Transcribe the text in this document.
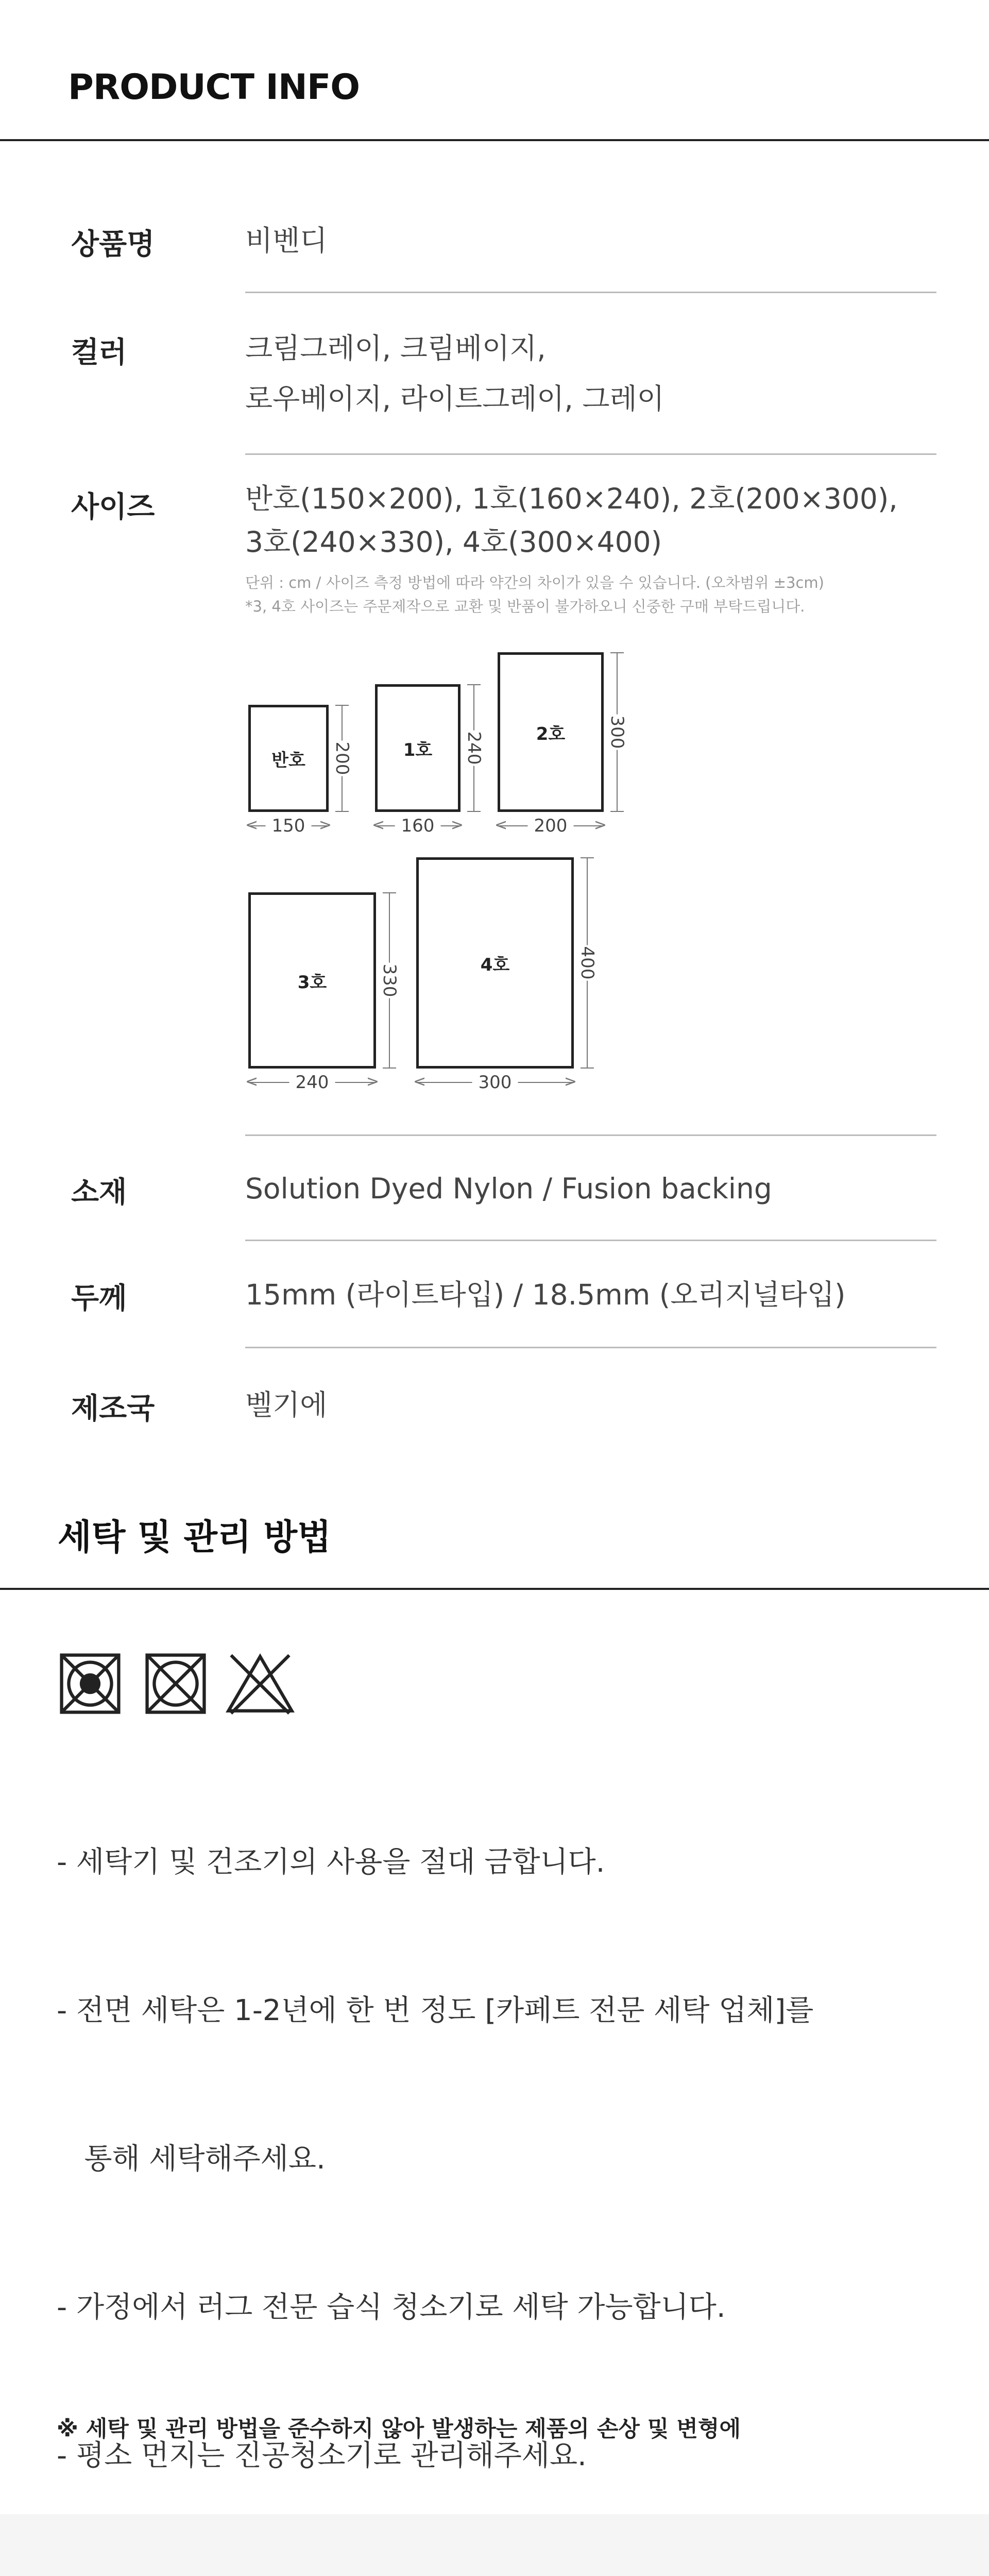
PRODUCT INFO
상품명	비벤디
컬러	크림그레이, 크림베이지,
로우베이지, 라이트그레이, 그레이
사이즈	반호(150×200), 1호(160×240), 2호(200×300),
3호(240×330), 4호(300×400)
단위 : cm / 사이즈 측정 방법에 따라 약간의 차이가 있을 수 있습니다. (오차범위 ±3cm)
*3, 4호 사이즈는 주문제작으로 교환 및 반품이 불가하오니 신중한 구매 부탁드립니다.
반호	200
<	>
150
1호	240
<	>
160
2호	300
<	>
200
3호	330
<	>
240
4호	400
<	>
300
소재	Solution Dyed Nylon / Fusion backing
두께	15mm (라이트타입) / 18.5mm (오리지널타입)
제조국	벨기에
세탁 및 관리 방법

- 세탁기 및 건조기의 사용을 절대 금합니다.

- 전면 세탁은 1-2년에 한 번 정도 [카페트 전문 세탁 업체]를

통해 세탁해주세요.

- 가정에서 러그 전문 습식 청소기로 세탁 가능합니다.

- 평소 먼지는 진공청소기로 관리해주세요.

※ 세탁 및 관리 방법을 준수하지 않아 발생하는 제품의 손상 및 변형에
